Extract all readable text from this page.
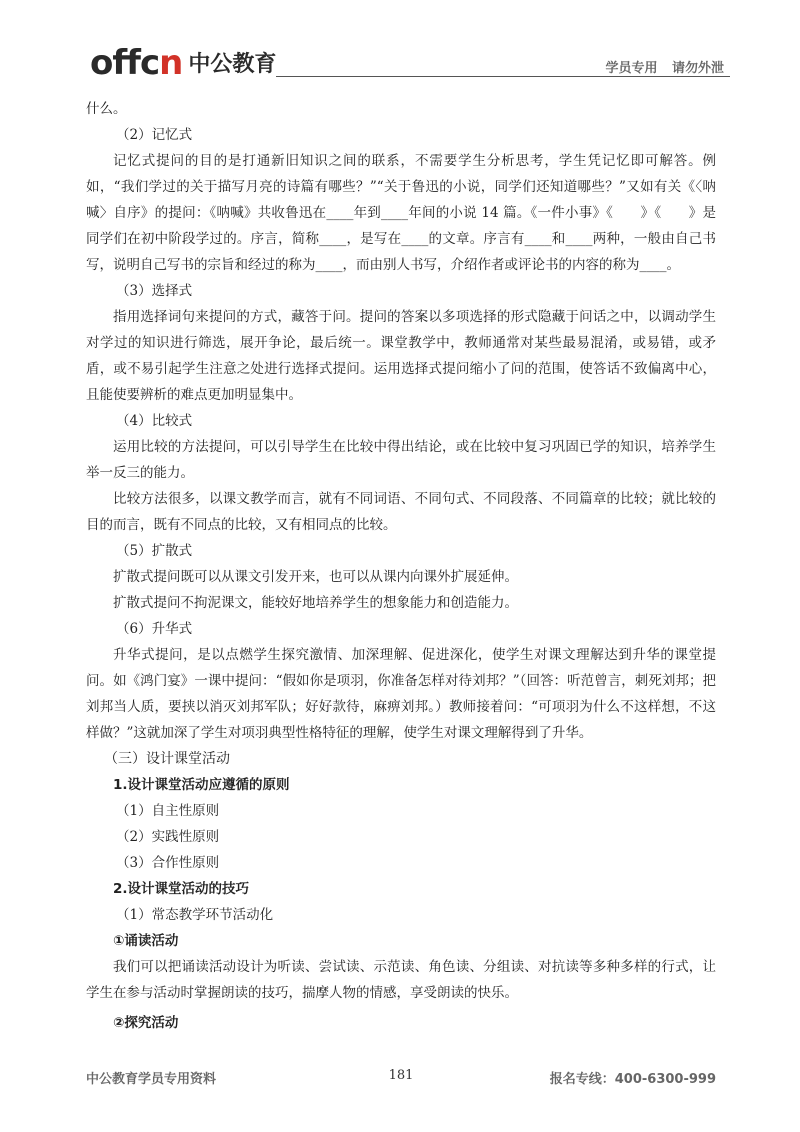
offcn 中公教育	学员专用 请勿外泄

什么。

（2）记忆式

记忆式提问的目的是打通新旧知识之间的联系，不需要学生分析思考，学生凭记忆即可解答。例如，“我们学过的关于描写月亮的诗篇有哪些？”“关于鲁迅的小说，同学们还知道哪些？”又如有关《〈呐喊〉自序》的提问：《呐喊》共收鲁迅在____年到____年间的小说 14 篇。《一件小事》《　　》《　　》是同学们在初中阶段学过的。序言，简称____，是写在____的文章。序言有____和____两种，一般由自己书写，说明自己写书的宗旨和经过的称为____，而由别人书写，介绍作者或评论书的内容的称为____。

（3）选择式

指用选择词句来提问的方式，藏答于问。提问的答案以多项选择的形式隐藏于问话之中，以调动学生对学过的知识进行筛选，展开争论，最后统一。课堂教学中，教师通常对某些最易混淆，或易错，或矛盾，或不易引起学生注意之处进行选择式提问。运用选择式提问缩小了问的范围，使答话不致偏离中心，且能使要辨析的难点更加明显集中。

（4）比较式

运用比较的方法提问，可以引导学生在比较中得出结论，或在比较中复习巩固已学的知识，培养学生举一反三的能力。

比较方法很多，以课文教学而言，就有不同词语、不同句式、不同段落、不同篇章的比较；就比较的目的而言，既有不同点的比较，又有相同点的比较。

（5）扩散式

扩散式提问既可以从课文引发开来，也可以从课内向课外扩展延伸。

扩散式提问不拘泥课文，能较好地培养学生的想象能力和创造能力。

（6）升华式

升华式提问，是以点燃学生探究激情、加深理解、促进深化，使学生对课文理解达到升华的课堂提问。如《鸿门宴》一课中提问：“假如你是项羽，你准备怎样对待刘邦？”（回答：听范曾言，刺死刘邦；把刘邦当人质，要挟以消灭刘邦军队；好好款待，麻痹刘邦。）教师接着问：“可项羽为什么不这样想，不这样做？”这就加深了学生对项羽典型性格特征的理解，使学生对课文理解得到了升华。

（三）设计课堂活动

1.设计课堂活动应遵循的原则

（1）自主性原则

（2）实践性原则

（3）合作性原则

2.设计课堂活动的技巧

（1）常态教学环节活动化

①诵读活动

我们可以把诵读活动设计为听读、尝试读、示范读、角色读、分组读、对抗读等多种多样的行式，让学生在参与活动时掌握朗读的技巧，揣摩人物的情感，享受朗读的快乐。

②探究活动

中公教育学员专用资料	181	报名专线：400-6300-999
